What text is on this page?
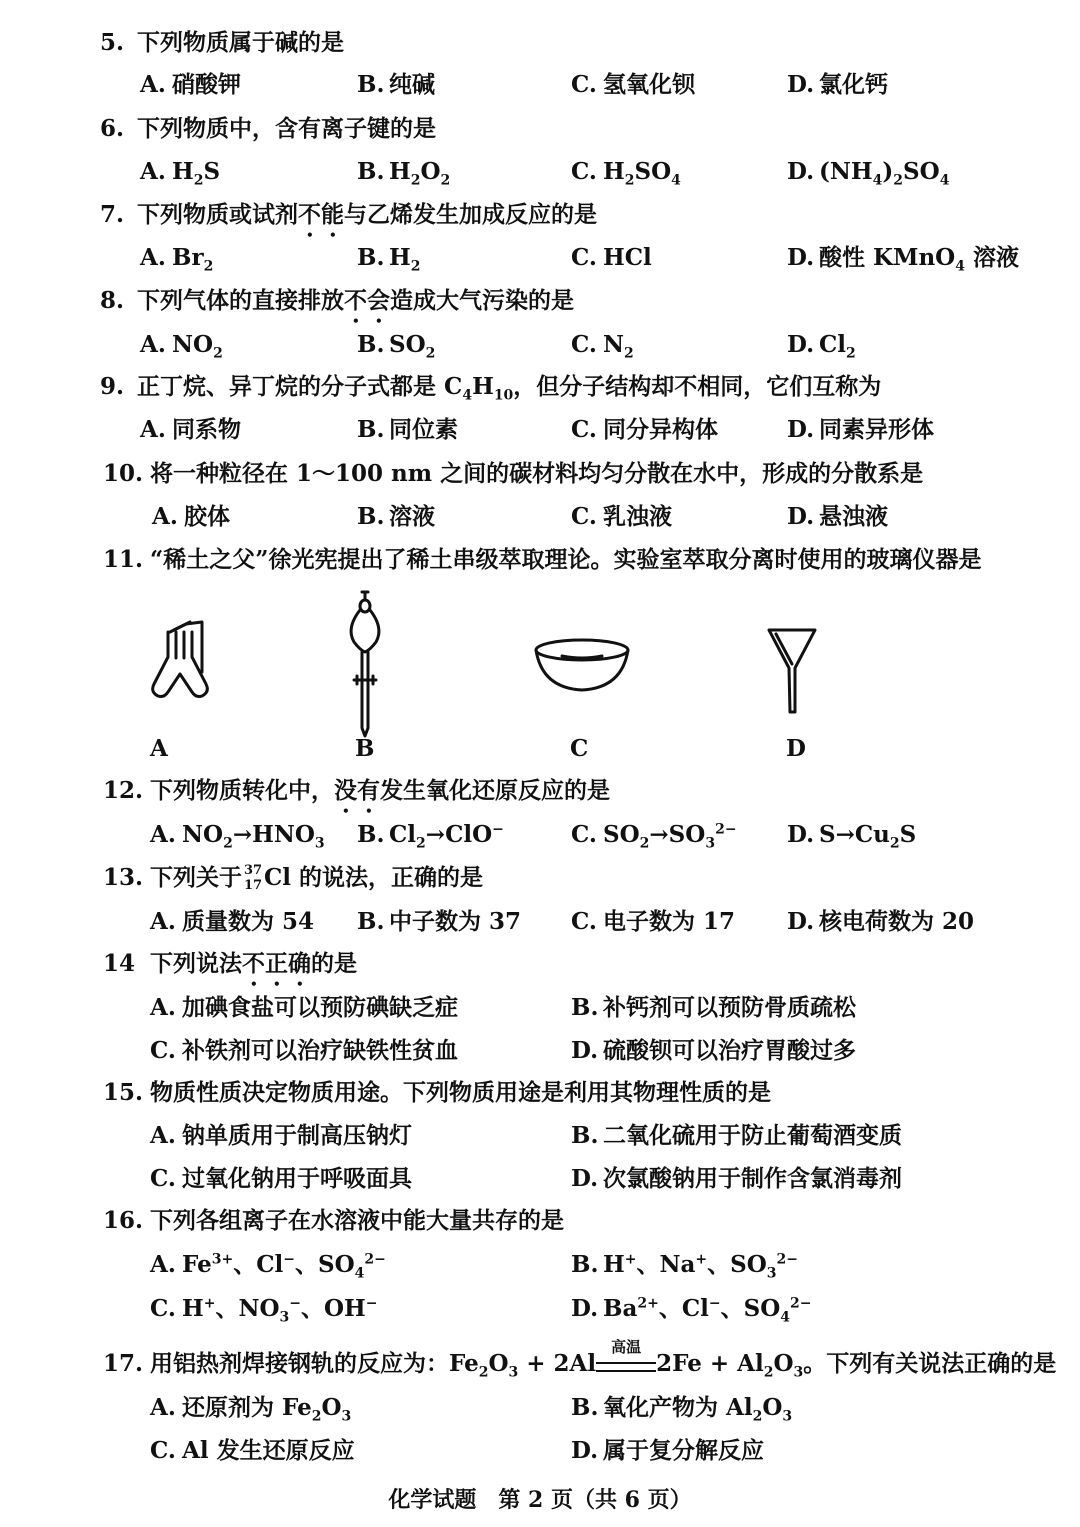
5. 下列物质属于碱的是
A. 硝酸钾	B. 纯碱	C. 氢氧化钡	D. 氯化钙
6. 下列物质中，含有离子键的是
A. $H_2S$	B. $H_2O_2$	C. $H_2SO_4$	D. $(NH_4)_2SO_4$
7. 下列物质或试剂不能与乙烯发生加成反应的是
A. $Br_2$	B. $H_2$	C. HCl	D. 酸性 KMnO$_4$ 溶液
8. 下列气体的直接排放不会造成大气污染的是
A. $NO_2$	B. $SO_2$	C. $N_2$	D. $Cl_2$
9. 正丁烷、异丁烷的分子式都是 $C_4H_{10}$，但分子结构却不相同，它们互称为
A. 同系物	B. 同位素	C. 同分异构体	D. 同素异形体
10. 将一种粒径在 1～100 nm 之间的碳材料均匀分散在水中，形成的分散系是
A. 胶体	B. 溶液	C. 乳浊液	D. 悬浊液
11. “稀土之父”徐光宪提出了稀土串级萃取理论。实验室萃取分离时使用的玻璃仪器是
A	B	C	D
12. 下列物质转化中，没有发生氧化还原反应的是
A. $NO_2\to HNO_3$ B. $Cl_2\to ClO^-$	C. $SO_2\to SO_3^{2-}$ D. $S\to Cu_2S$
13. 下列关于 37
17 Cl 的说法，正确的是
A. 质量数为 54 B. 中子数为 37 C. 电子数为 17 D. 核电荷数为 20
14 下列说法不正确的是
A. 加碘食盐可以预防碘缺乏症	B. 补钙剂可以预防骨质疏松
C. 补铁剂可以治疗缺铁性贫血	D. 硫酸钡可以治疗胃酸过多
15. 物质性质决定物质用途。下列物质用途是利用其物理性质的是
A. 钠单质用于制高压钠灯	B. 二氧化硫用于防止葡萄酒变质
C. 过氧化钠用于呼吸面具	D. 次氯酸钠用于制作含氯消毒剂
16. 下列各组离子在水溶液中能大量共存的是
A. $Fe^{3+}$、Cl−、$SO_4^{2-}$	B. H+、Na+、$SO_3^{2-}$
C. H+、$NO_3^-$、OH−	D. $Ba^{2+}$、Cl−、$SO_4^{2-}$
17. 用铝热剂焊接钢轨的反应为：$Fe_2O_3 + 2Al$
高温
$2Fe + Al_2O_3$。下列有关说法正确的是
A. 还原剂为 $Fe_2O_3$	B. 氧化产物为 $Al_2O_3$
C. Al 发生还原反应	D. 属于复分解反应
化学试题　第 2 页（共 6 页）
